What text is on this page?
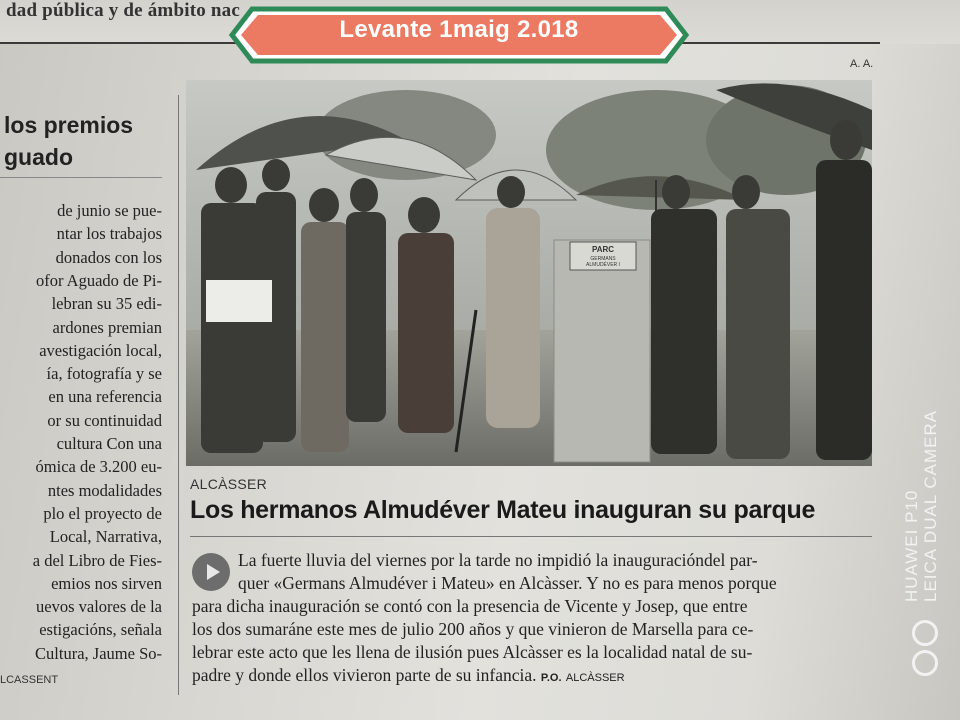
dad pública y de ámbito nac
Levante 1maig 2.018
A. A.
los premios
guado
de junio se pue-
ntar los trabajos
donados con los
ofor Aguado de Pi-
lebran su 35 edi-
ardones premian
avestigación local,
ía, fotografía y se
en una referencia
or su continuidad
cultura Con una
ómica de 3.200 eu-
ntes modalidades
plo el proyecto de
Local, Narrativa,
a del Libro de Fies-
emios nos sirven
uevos valores de la
estigacións, señala
Cultura, Jaume So-
LCASSENT
PARC
GERMANS
ALMUDÉVER I
ALCÀSSER
Los hermanos Almudéver Mateu inauguran su parque
La fuerte lluvia del viernes por la tarde no impidió la inauguracióndel par-
quer «Germans Almudéver i Mateu» en Alcàsser. Y no es para menos porque
para dicha inauguración se contó con la presencia de Vicente y Josep, que entre
los dos sumaráne este mes de julio 200 años y que vinieron de Marsella para ce-
lebrar este acto que les llena de ilusión pues Alcàsser es la localidad natal de su-
padre y donde ellos vivieron parte de su infancia. P.O. ALCÀSSER
HUAWEI P10 LEICA DUAL CAMERA
